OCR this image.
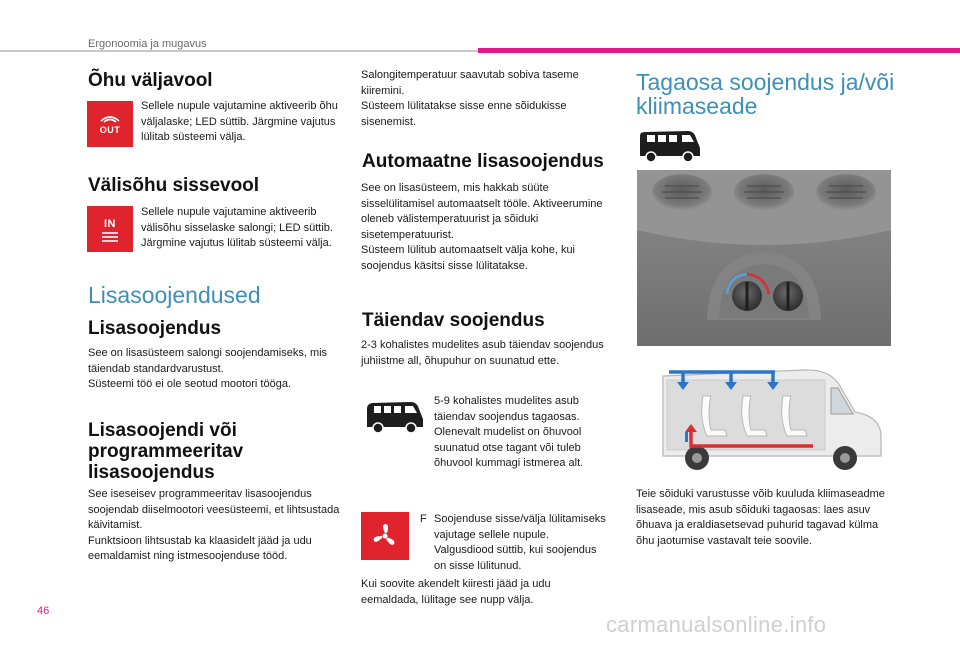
Ergonoomia ja mugavus
Õhu väljavool
OUT

Sellele nupule vajutamine aktiveerib õhu väljalaske; LED süttib. Järgmine vajutus lülitab süsteemi välja.

Välisõhu sissevool
IN

Sellele nupule vajutamine aktiveerib välisõhu sisselaske salongi; LED süttib. Järgmine vajutus lülitab süsteemi välja.

Lisasoojendused
Lisasoojendus

See on lisasüsteem salongi soojendamiseks, mis täiendab standardvarustust.
Süsteemi töö ei ole seotud mootori tööga.

Lisasoojendi või programmeeritav lisasoojendus

See iseseisev programmeeritav lisasoojendus soojendab diiselmootori veesüsteemi, et lihtsustada käivitamist.
Funktsioon lihtsustab ka klaasidelt jääd ja udu eemaldamist ning istmesoojenduse tööd.

Salongitemperatuur saavutab sobiva taseme kiiremini.
Süsteem lülitatakse sisse enne sõidukisse sisenemist.

Automaatne lisasoojendus

See on lisasüsteem, mis hakkab süüte sisselülitamisel automaatselt tööle. Aktiveerumine oleneb välistemperatuurist ja sõiduki sisetemperatuurist.
Süsteem lülitub automaatselt välja kohe, kui soojendus käsitsi sisse lülitatakse.

Täiendav soojendus

2-3 kohalistes mudelites asub täiendav soojendus juhiistme all, õhupuhur on suunatud ette.

5-9 kohalistes mudelites asub täiendav soojendus tagaosas. Olenevalt mudelist on õhuvool suunatud otse tagant või tuleb õhuvool kummagi istmerea alt.

F Soojenduse sisse/välja lülitamiseks vajutage sellele nupule. Valgusdiood süttib, kui soojendus on sisse lülitunud.

Kui soovite akendelt kiiresti jääd ja udu eemaldada, lülitage see nupp välja.

Tagaosa soojendus ja/või kliimaseade

Teie sõiduki varustusse võib kuuluda kliimaseadme lisaseade, mis asub sõiduki tagaosas: laes asuv õhuava ja eraldiasetsevad puhurid tagavad külma õhu jaotumise vastavalt teie soovile.

46
carmanualsonline.info
